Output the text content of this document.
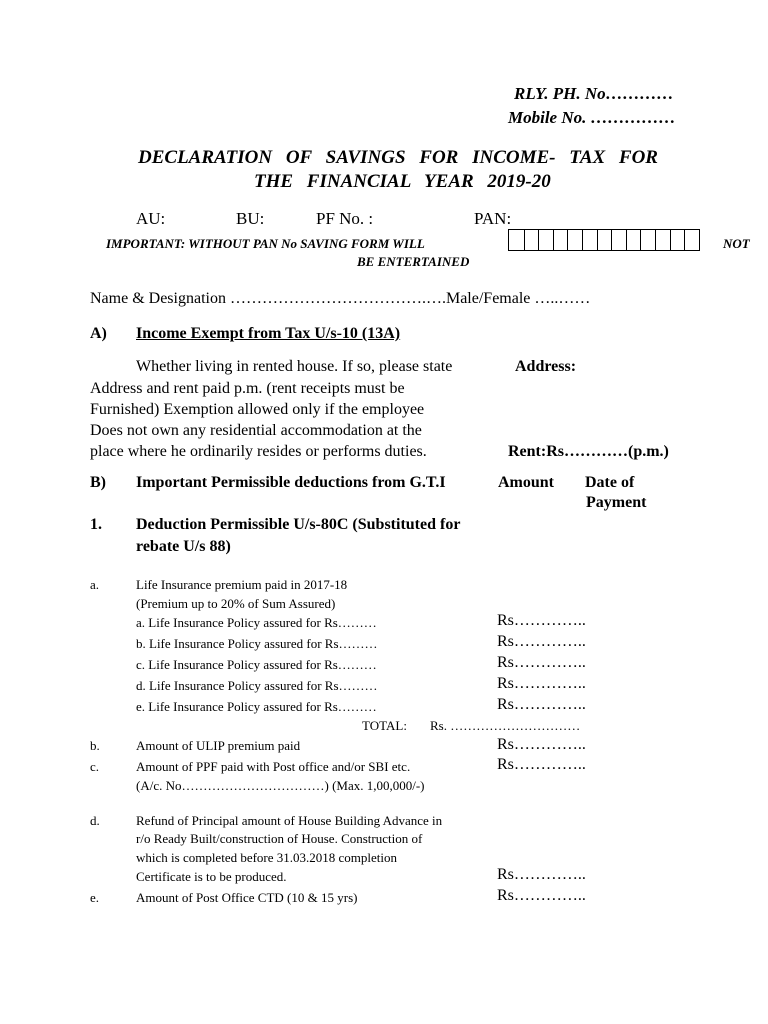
RLY. PH. No…………
Mobile No. ……………
DECLARATION OF SAVINGS FOR INCOME- TAX FOR
THE FINANCIAL YEAR 2019-20
AU:	BU:	PF No. :	PAN:
IMPORTANT: WITHOUT PAN No SAVING FORM WILL
BE ENTERTAINED
NOT
Name & Designation ……………………………….….Male/Female …..……
A) Income Exempt from Tax U/s-10 (13A)
Whether living in rented house. If so, please state
Address and rent paid p.m. (rent receipts must be
Furnished) Exemption allowed only if the employee
Does not own any residential accommodation at the
place where he ordinarily resides or performs duties.
Address:
Rent:Rs…………(p.m.)
B) Important Permissible deductions from G.T.I	Amount Date of
Payment
1. Deduction Permissible U/s-80C (Substituted for
rebate U/s 88)
a.	Life Insurance premium paid in 2017-18
(Premium up to 20% of Sum Assured)
a. Life Insurance Policy assured for Rs………	Rs…………..
b. Life Insurance Policy assured for Rs………	Rs…………..
c. Life Insurance Policy assured for Rs………	Rs…………..
d. Life Insurance Policy assured for Rs………	Rs…………..
e. Life Insurance Policy assured for Rs………	Rs…………..
TOTAL: Rs. …………………………
b.	Amount of ULIP premium paid	Rs…………..
c.	Amount of PPF paid with Post office and/or SBI etc.
(A/c. No……………………………) (Max. 1,00,000/-)
Rs…………..
d.	Refund of Principal amount of House Building Advance in
r/o Ready Built/construction of House. Construction of
which is completed before 31.03.2018 completion
Certificate is to be produced.	Rs…………..
e.	Amount of Post Office CTD (10 & 15 yrs)	Rs…………..
